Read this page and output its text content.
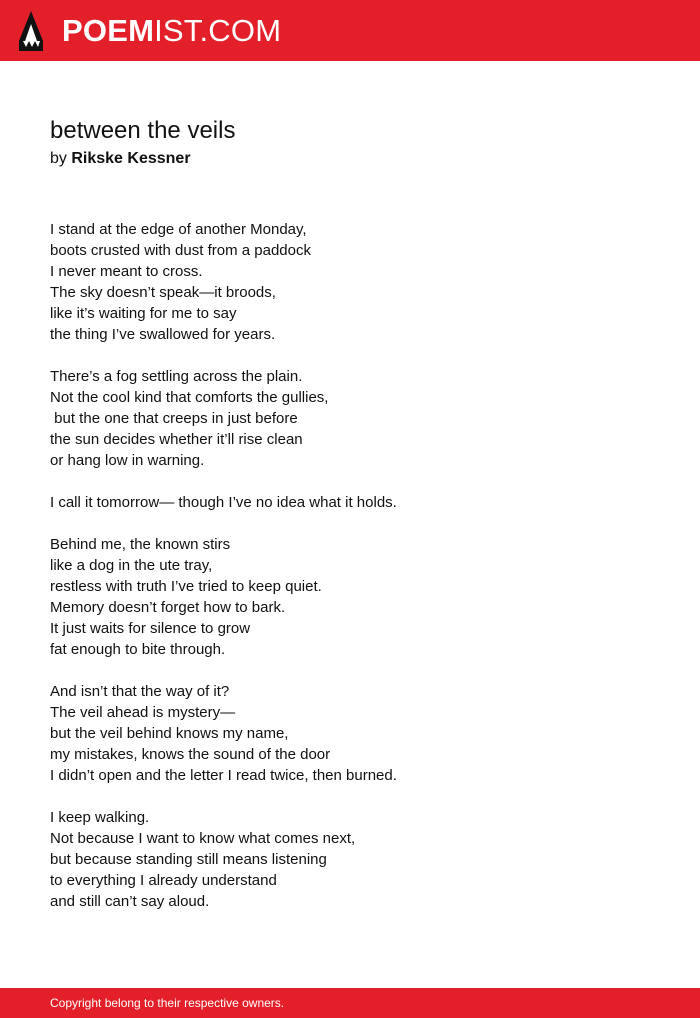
POEMIST.COM
between the veils
by Rikske Kessner
I stand at the edge of another Monday,
boots crusted with dust from a paddock
I never meant to cross.
The sky doesn’t speak—it broods,
like it’s waiting for me to say
the thing I’ve swallowed for years.
There’s a fog settling across the plain.
Not the cool kind that comforts the gullies,
but the one that creeps in just before
the sun decides whether it’ll rise clean
or hang low in warning.
I call it tomorrow— though I’ve no idea what it holds.
Behind me, the known stirs
like a dog in the ute tray,
restless with truth I’ve tried to keep quiet.
Memory doesn’t forget how to bark.
It just waits for silence to grow
fat enough to bite through.
And isn’t that the way of it?
The veil ahead is mystery—
but the veil behind knows my name,
my mistakes, knows the sound of the door
I didn’t open and the letter I read twice, then burned.
I keep walking.
Not because I want to know what comes next,
but because standing still means listening
to everything I already understand
and still can’t say aloud.
Copyright belong to their respective owners.
